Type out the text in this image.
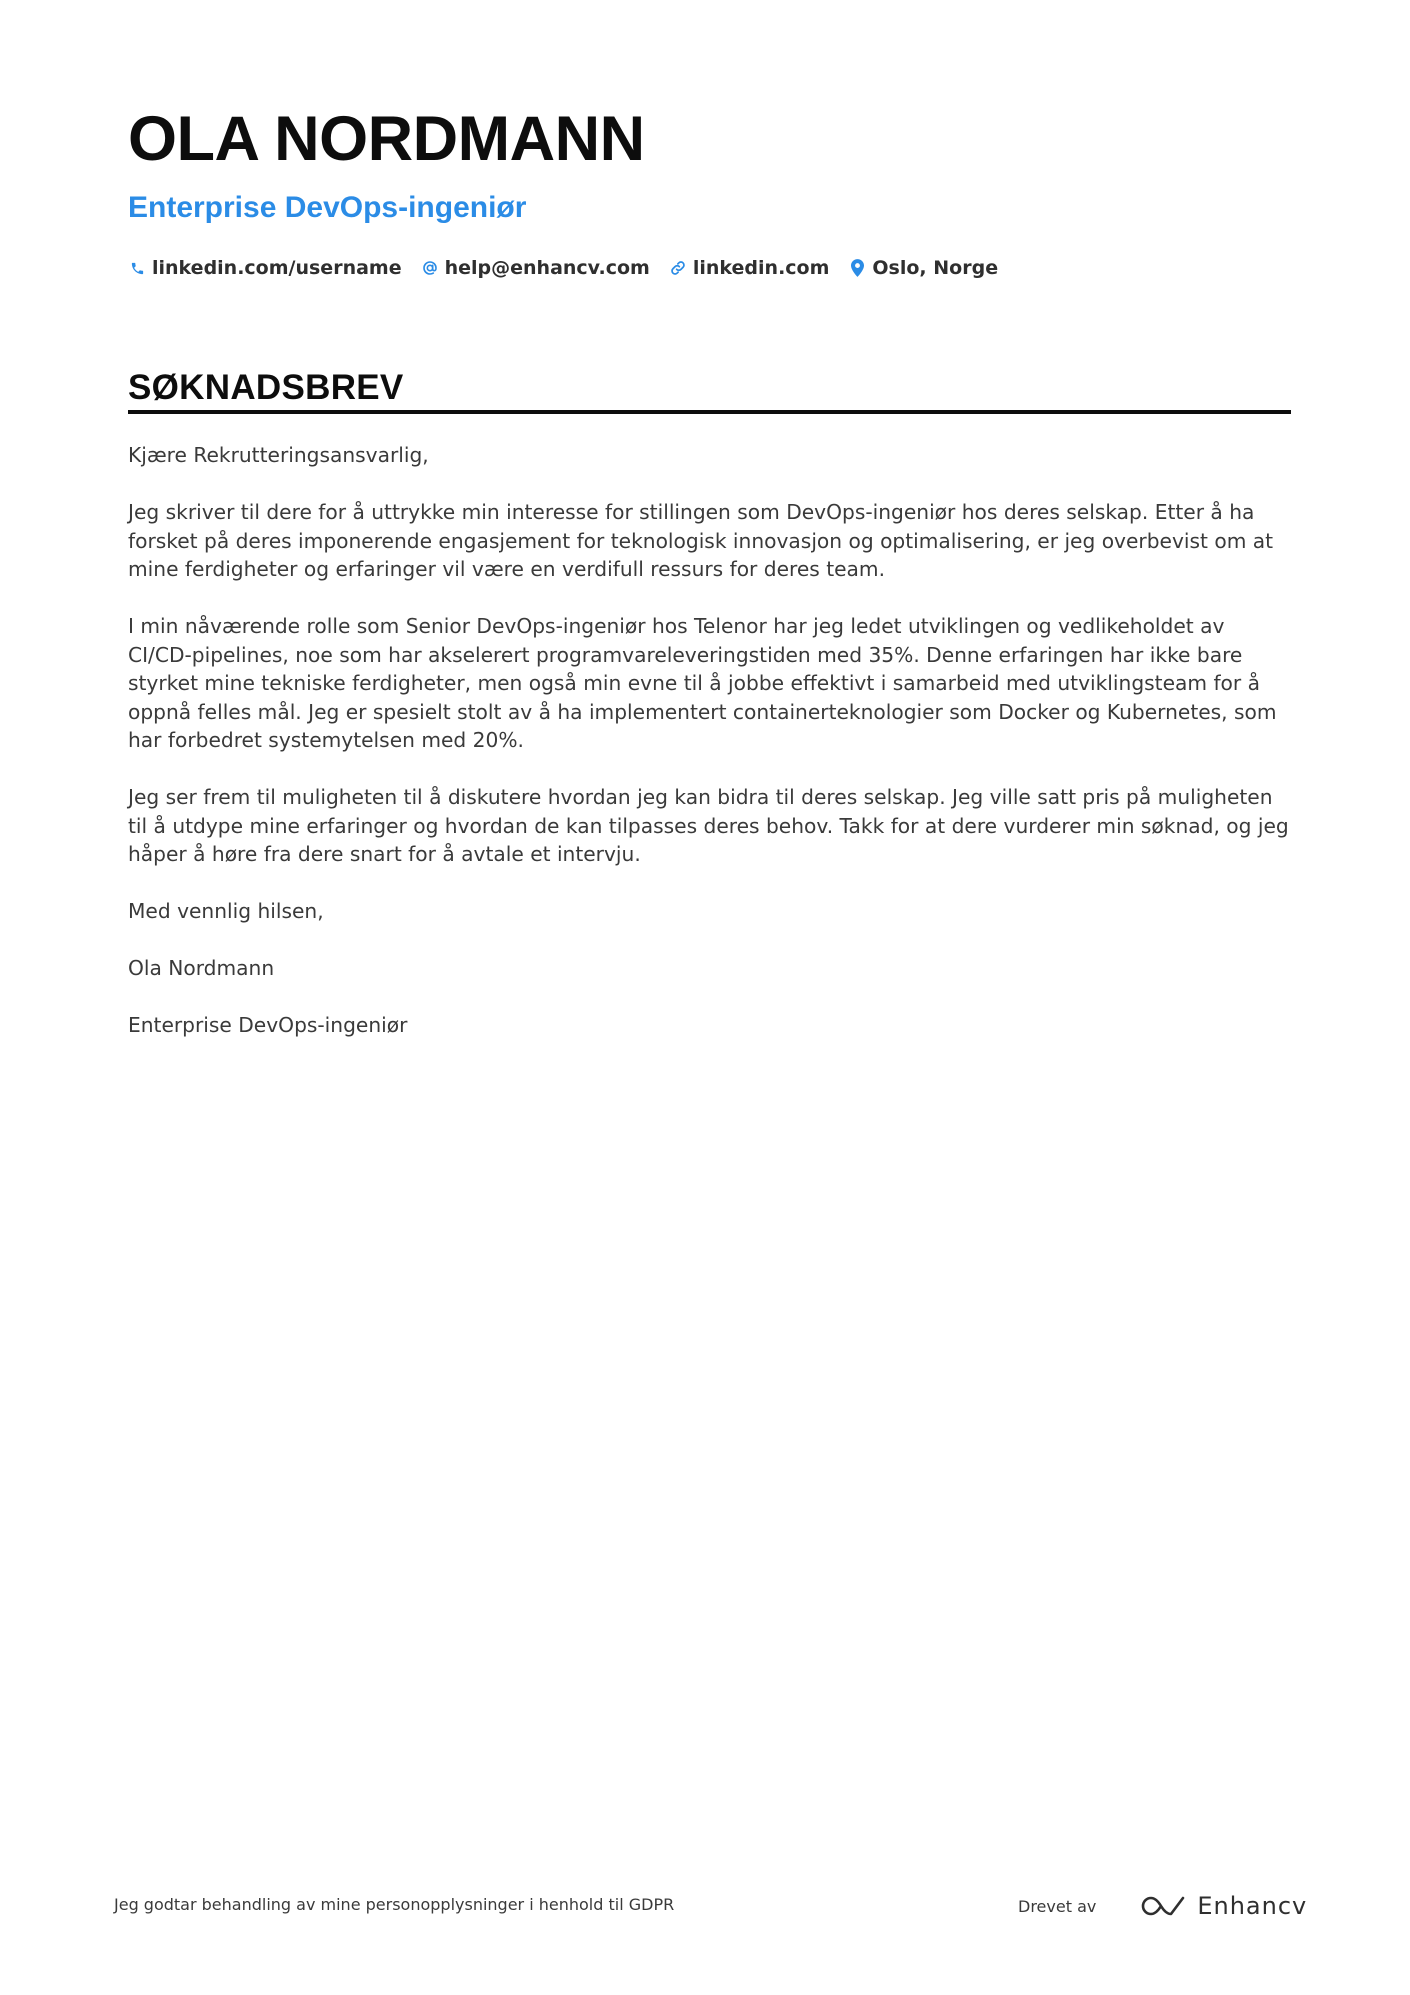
OLA NORDMANN
Enterprise DevOps-ingeniør
linkedin.com/username help@enhancv.com linkedin.com Oslo, Norge
SØKNADSBREV

Kjære Rekrutteringsansvarlig,

Jeg skriver til dere for å uttrykke min interesse for stillingen som DevOps-ingeniør hos deres selskap. Etter å ha forsket på deres imponerende engasjement for teknologisk innovasjon og optimalisering, er jeg overbevist om at mine ferdigheter og erfaringer vil være en verdifull ressurs for deres team.

I min nåværende rolle som Senior DevOps-ingeniør hos Telenor har jeg ledet utviklingen og vedlikeholdet av CI/CD-pipelines, noe som har akselerert programvareleveringstiden med 35%. Denne erfaringen har ikke bare styrket mine tekniske ferdigheter, men også min evne til å jobbe effektivt i samarbeid med utviklingsteam for å oppnå felles mål. Jeg er spesielt stolt av å ha implementert containerteknologier som Docker og Kubernetes, som har forbedret systemytelsen med 20%.

Jeg ser frem til muligheten til å diskutere hvordan jeg kan bidra til deres selskap. Jeg ville satt pris på muligheten til å utdype mine erfaringer og hvordan de kan tilpasses deres behov. Takk for at dere vurderer min søknad, og jeg håper å høre fra dere snart for å avtale et intervju.

Med vennlig hilsen,

Ola Nordmann

Enterprise DevOps-ingeniør

Jeg godtar behandling av mine personopplysninger i henhold til GDPR	Drevet av	Enhancv
